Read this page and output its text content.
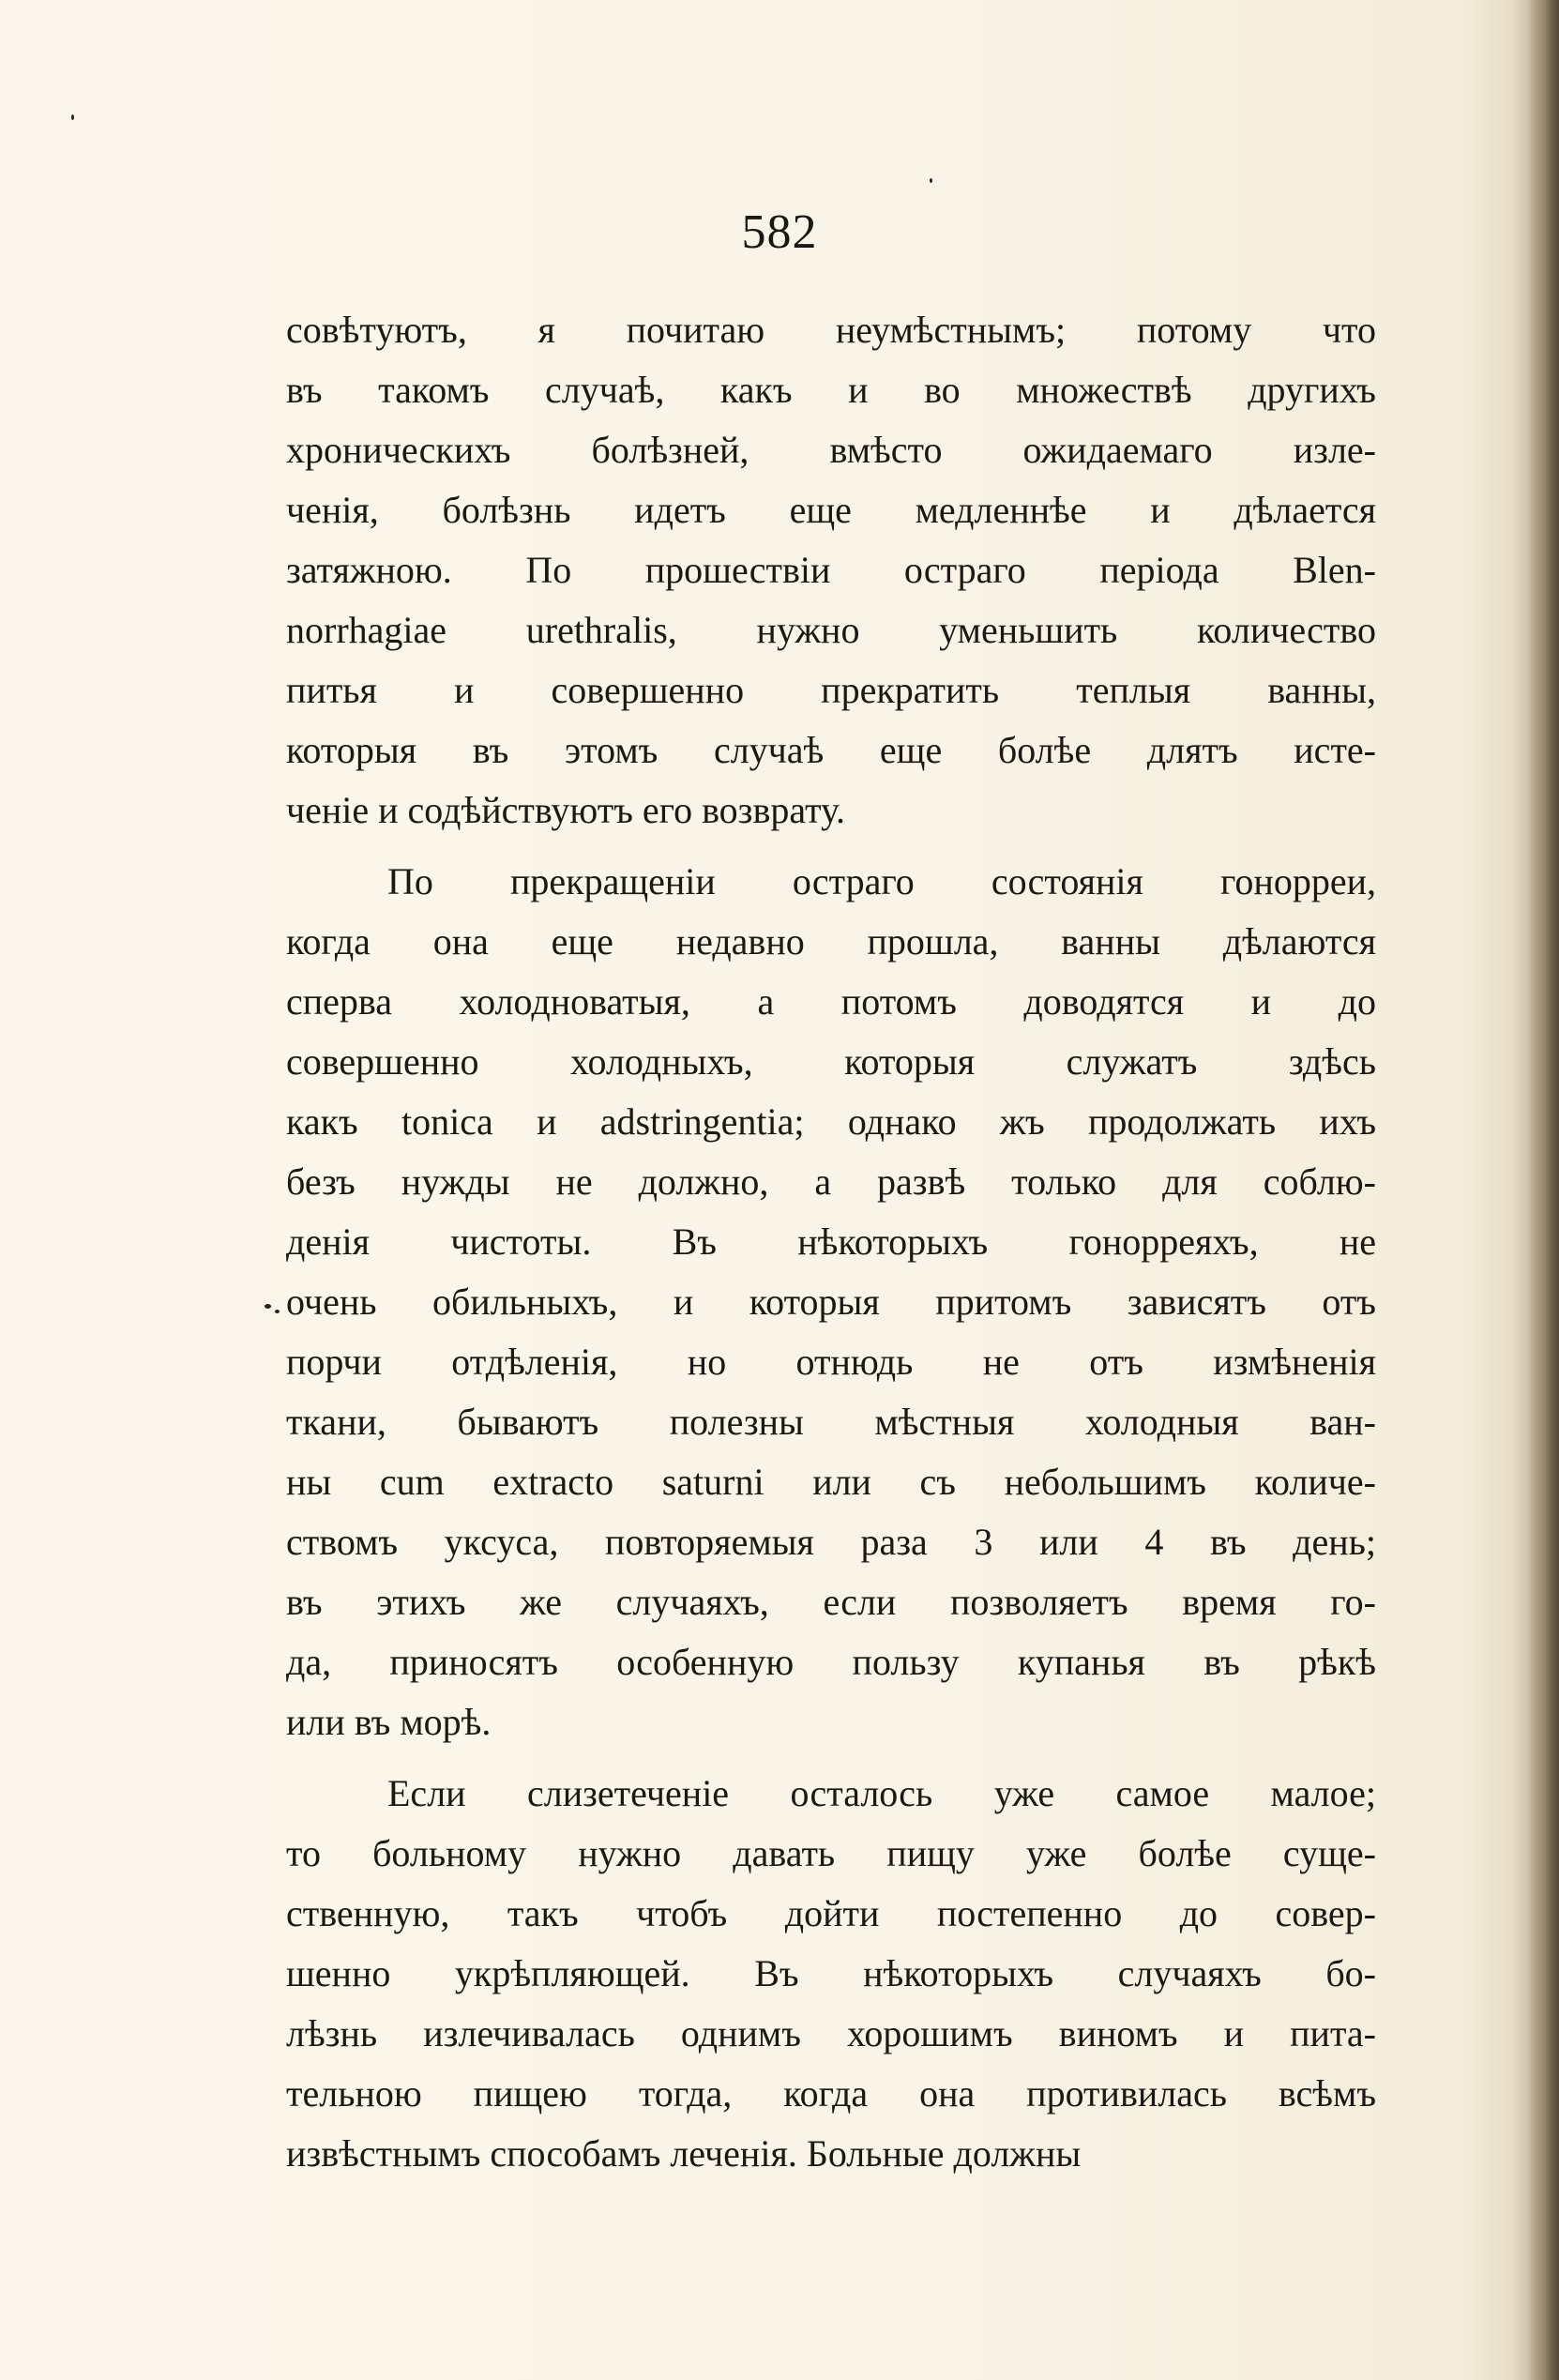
582
совѣтуютъ, я почитаю неумѣстнымъ; потому что
въ такомъ случаѣ, какъ и во множествѣ другихъ
хроническихъ болѣзней, вмѣсто ожидаемаго изле-
ченія, болѣзнь идетъ еще медленнѣе и дѣлается
затяжною. По прошествіи остраго періода Blen-
norrhagiae urethralis, нужно уменьшить количество
питья и совершенно прекратить теплыя ванны,
которыя въ этомъ случаѣ еще болѣе длятъ истe-
ченіе и содѣйствуютъ его возврату.
По прекращеніи остраго состоянія гонорреи,
когда она еще недавно прошла, ванны дѣлаются
сперва холодноватыя, а потомъ доводятся и до
совершенно холодныхъ, которыя служатъ здѣсь
какъ tonica и adstringentia; однако жъ продолжать ихъ
безъ нужды не должно, а развѣ только для соблю-
денія чистоты. Въ нѣкоторыхъ гонорреяхъ, не
очень обильныхъ, и которыя притомъ зависятъ отъ
порчи отдѣленія, но отнюдь не отъ измѣненія
ткани, бываютъ полезны мѣстныя холодныя ван-
ны cum extracto saturni или съ небольшимъ количе-
ствомъ уксуса, повторяемыя раза 3 или 4 въ день;
въ этихъ же случаяхъ, если позволяетъ время го-
да, приносятъ особенную пользу купанья въ рѣкѣ
или въ морѣ.
Если слизетеченіе осталось уже самое малое;
то больному нужно давать пищу уже болѣе суще-
ственную, такъ чтобъ дойти постепенно до совер-
шенно укрѣпляющей. Въ нѣкоторыхъ случаяхъ бо-
лѣзнь излечивалась однимъ хорошимъ виномъ и пита-
тельною пищею тогда, когда она противилась всѣмъ
извѣстнымъ способамъ леченія. Больные должны
